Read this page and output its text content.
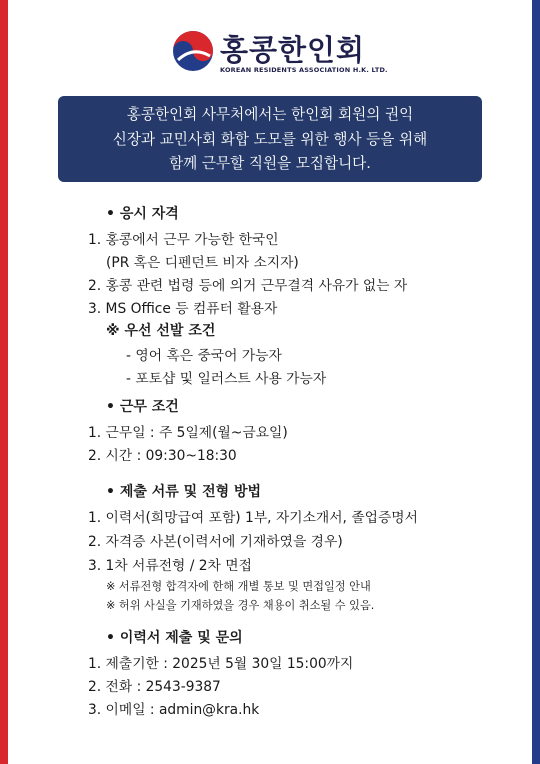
홍콩한인회
KOREAN RESIDENTS ASSOCIATION H.K. LTD.
홍콩한인회 사무처에서는 한인회 회원의 권익
신장과 교민사회 화합 도모를 위한 행사 등을 위해
함께 근무할 직원을 모집합니다.
• 응시 자격
1. 홍콩에서 근무 가능한 한국인
(PR 혹은 디펜던트 비자 소지자)
2. 홍콩 관련 법령 등에 의거 근무결격 사유가 없는 자
3. MS Office 등 컴퓨터 활용자
※ 우선 선발 조건
- 영어 혹은 중국어 가능자
- 포토샵 및 일러스트 사용 가능자
• 근무 조건
1. 근무일 : 주 5일제(월~금요일)
2. 시간 : 09:30~18:30
• 제출 서류 및 전형 방법
1. 이력서(희망급여 포함) 1부, 자기소개서, 졸업증명서
2. 자격증 사본(이력서에 기재하였을 경우)
3. 1차 서류전형 / 2차 면접
※ 서류전형 합격자에 한해 개별 통보 및 면접일정 안내
※ 허위 사실을 기재하였을 경우 채용이 취소될 수 있음.
• 이력서 제출 및 문의
1. 제출기한 : 2025년 5월 30일 15:00까지
2. 전화 : 2543-9387
3. 이메일 : admin@kra.hk
